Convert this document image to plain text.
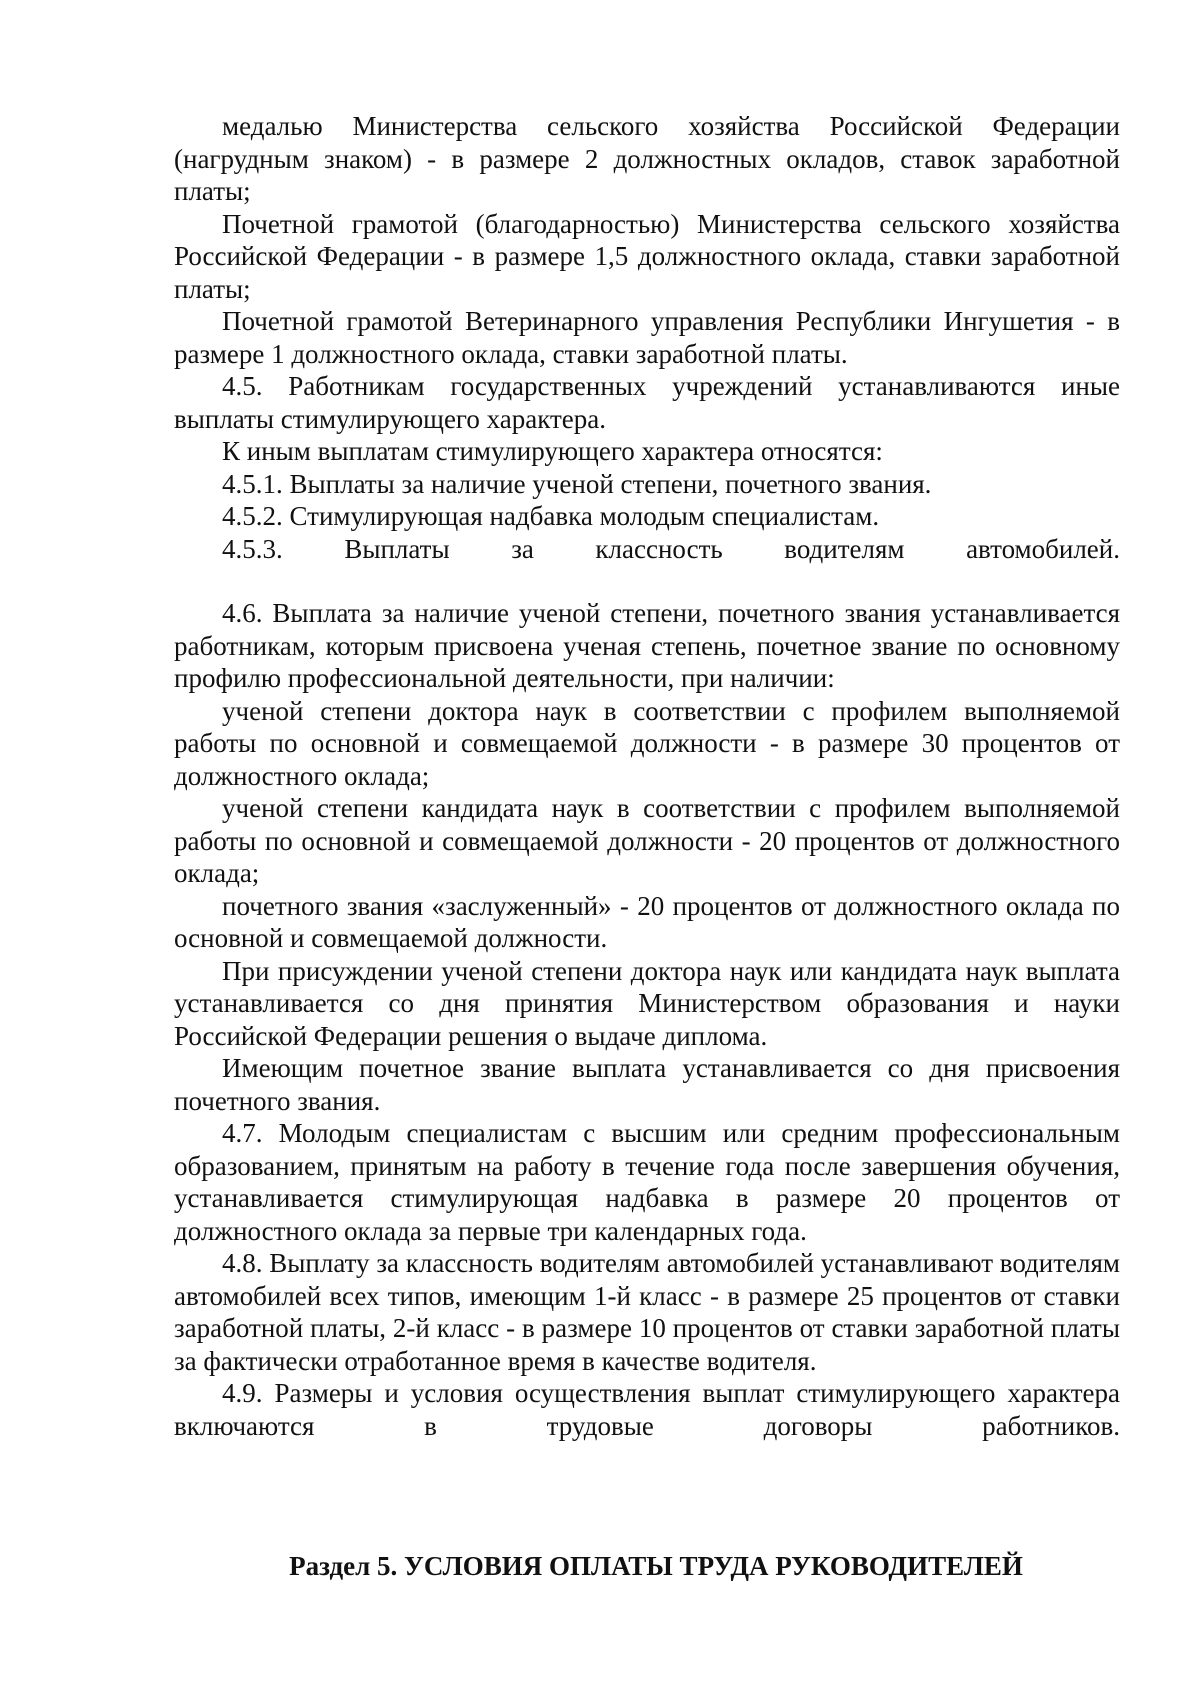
медалью Министерства сельского хозяйства Российской Федерации (нагрудным знаком) - в размере 2 должностных окладов, ставок заработной платы;

Почетной грамотой (благодарностью) Министерства сельского хозяйства Российской Федерации - в размере 1,5 должностного оклада, ставки заработной платы;

Почетной грамотой Ветеринарного управления Республики Ингушетия - в размере 1 должностного оклада, ставки заработной платы.

4.5. Работникам государственных учреждений устанавливаются иные выплаты стимулирующего характера.

К иным выплатам стимулирующего характера относятся:

4.5.1. Выплаты за наличие ученой степени, почетного звания.

4.5.2. Стимулирующая надбавка молодым специалистам.

4.5.3. Выплаты за классность водителям автомобилей.

4.6. Выплата за наличие ученой степени, почетного звания устанавливается работникам, которым присвоена ученая степень, почетное звание по основному профилю профессиональной деятельности, при наличии:

ученой степени доктора наук в соответствии с профилем выполняемой работы по основной и совмещаемой должности - в размере 30 процентов от должностного оклада;

ученой степени кандидата наук в соответствии с профилем выполняемой работы по основной и совмещаемой должности - 20 процентов от должностного оклада;

почетного звания «заслуженный» - 20 процентов от должностного оклада по основной и совмещаемой должности.

При присуждении ученой степени доктора наук или кандидата наук выплата устанавливается со дня принятия Министерством образования и науки Российской Федерации решения о выдаче диплома.

Имеющим почетное звание выплата устанавливается со дня присвоения почетного звания.

4.7. Молодым специалистам с высшим или средним профессиональным образованием, принятым на работу в течение года после завершения обучения, устанавливается стимулирующая надбавка в размере 20 процентов от должностного оклада за первые три календарных года.

4.8. Выплату за классность водителям автомобилей устанавливают водителям автомобилей всех типов, имеющим 1-й класс - в размере 25 процентов от ставки заработной платы, 2-й класс - в размере 10 процентов от ставки заработной платы за фактически отработанное время в качестве водителя.

4.9. Размеры и условия осуществления выплат стимулирующего характера включаются в трудовые договоры работников.

Раздел 5. УСЛОВИЯ ОПЛАТЫ ТРУДА РУКОВОДИТЕЛЕЙ
